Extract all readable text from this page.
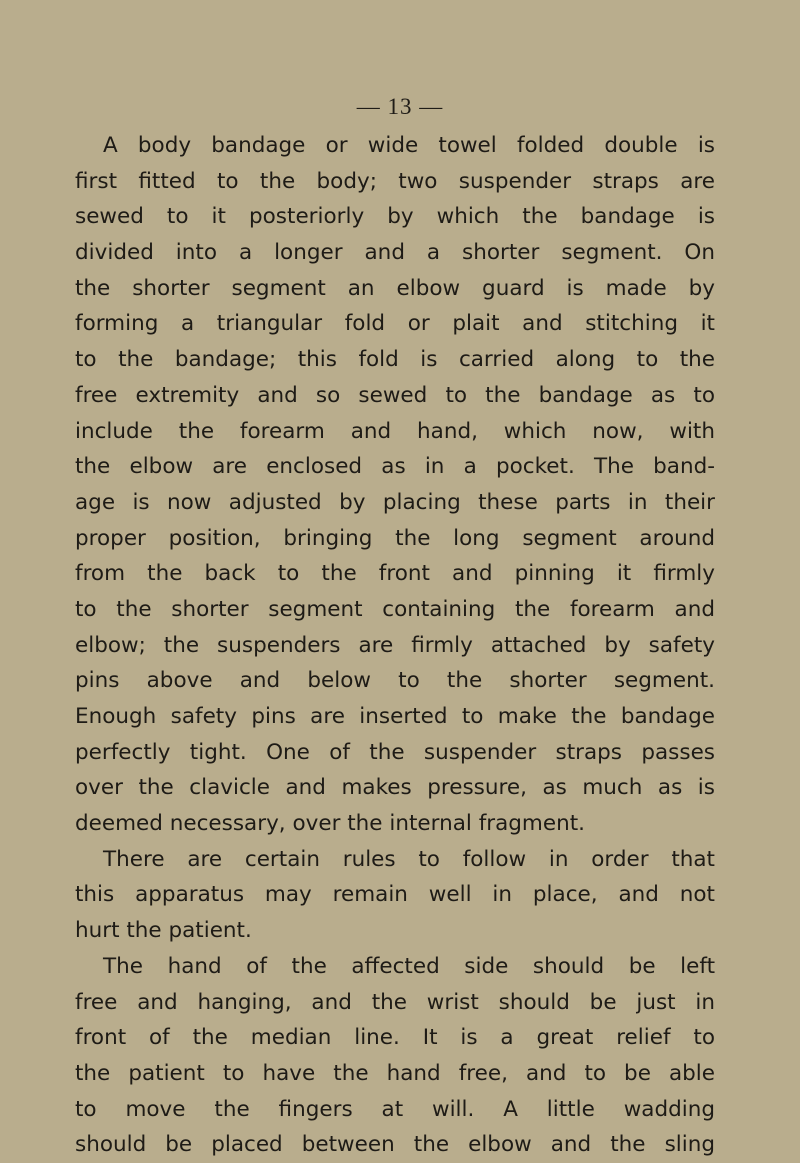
— 13 —
A body bandage or wide towel folded double is
first fitted to the body; two suspender straps are
sewed to it posteriorly by which the bandage is
divided into a longer and a shorter segment. On
the shorter segment an elbow guard is made by
forming a triangular fold or plait and stitching it
to the bandage; this fold is carried along to the
free extremity and so sewed to the bandage as to
include the forearm and hand, which now, with
the elbow are enclosed as in a pocket. The band-
age is now adjusted by placing these parts in their
proper position, bringing the long segment around
from the back to the front and pinning it firmly
to the shorter segment containing the forearm and
elbow; the suspenders are firmly attached by safety
pins above and below to the shorter segment.
Enough safety pins are inserted to make the bandage
perfectly tight. One of the suspender straps passes
over the clavicle and makes pressure, as much as is
deemed necessary, over the internal fragment.
There are certain rules to follow in order that
this apparatus may remain well in place, and not
hurt the patient.
The hand of the affected side should be left
free and hanging, and the wrist should be just in
front of the median line. It is a great relief to
the patient to have the hand free, and to be able
to move the fingers at will. A little wadding
should be placed between the elbow and the sling
